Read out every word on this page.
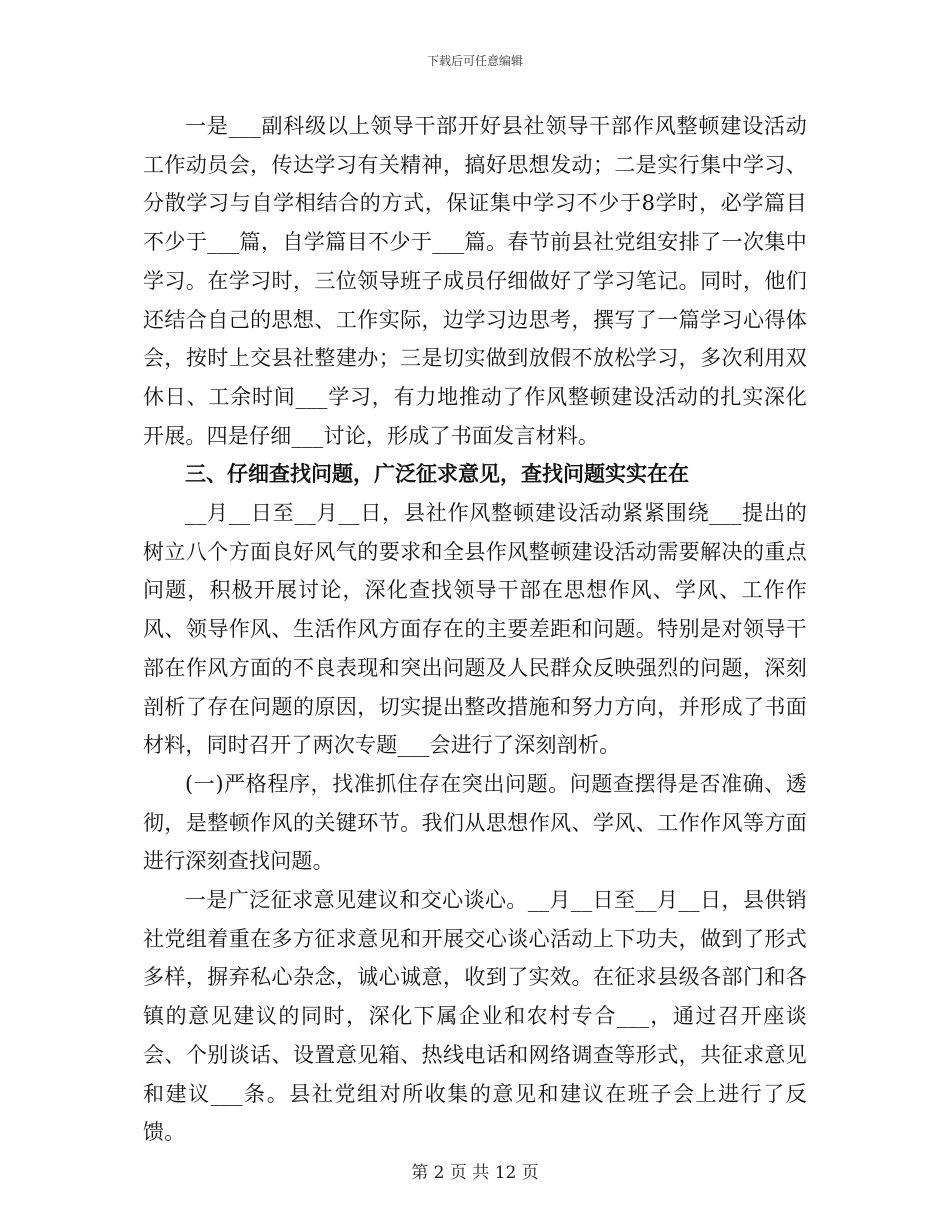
下载后可任意编辑

一是___副科级以上领导干部开好县社领导干部作风整顿建设活动工作动员会，传达学习有关精神，搞好思想发动；二是实行集中学习、分散学习与自学相结合的方式，保证集中学习不少于8学时，必学篇目不少于___篇，自学篇目不少于___篇。春节前县社党组安排了一次集中学习。在学习时，三位领导班子成员仔细做好了学习笔记。同时，他们还结合自己的思想、工作实际，边学习边思考，撰写了一篇学习心得体会，按时上交县社整建办；三是切实做到放假不放松学习，多次利用双休日、工余时间___学习，有力地推动了作风整顿建设活动的扎实深化开展。四是仔细___讨论，形成了书面发言材料。

三、仔细查找问题，广泛征求意见，查找问题实实在在

__月__日至__月__日，县社作风整顿建设活动紧紧围绕___提出的树立八个方面良好风气的要求和全县作风整顿建设活动需要解决的重点问题，积极开展讨论，深化查找领导干部在思想作风、学风、工作作风、领导作风、生活作风方面存在的主要差距和问题。特别是对领导干部在作风方面的不良表现和突出问题及人民群众反映强烈的问题，深刻剖析了存在问题的原因，切实提出整改措施和努力方向，并形成了书面材料，同时召开了两次专题___会进行了深刻剖析。

(一)严格程序，找准抓住存在突出问题。问题查摆得是否准确、透彻，是整顿作风的关键环节。我们从思想作风、学风、工作作风等方面进行深刻查找问题。

一是广泛征求意见建议和交心谈心。__月__日至__月__日，县供销社党组着重在多方征求意见和开展交心谈心活动上下功夫，做到了形式多样，摒弃私心杂念，诚心诚意，收到了实效。在征求县级各部门和各镇的意见建议的同时，深化下属企业和农村专合___，通过召开座谈会、个别谈话、设置意见箱、热线电话和网络调查等形式，共征求意见和建议___条。县社党组对所收集的意见和建议在班子会上进行了反馈。

第 2 页 共 12 页
